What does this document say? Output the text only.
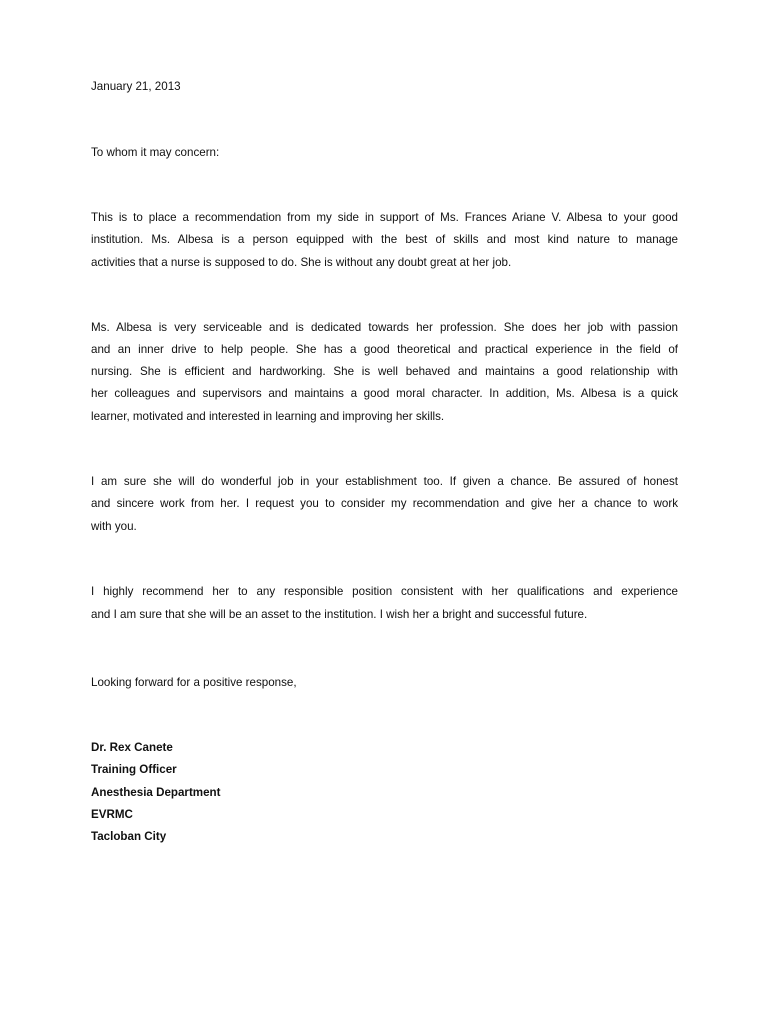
January 21, 2013
To whom it may concern:
This is to place a recommendation from my side in support of Ms. Frances Ariane V. Albesa to your good
institution. Ms. Albesa is a person equipped with the best of skills and most kind nature to manage
activities that a nurse is supposed to do. She is without any doubt great at her job.
Ms. Albesa is very serviceable and is dedicated towards her profession. She does her job with passion
and an inner drive to help people. She has a good theoretical and practical experience in the field of
nursing. She is efficient and hardworking. She is well behaved and maintains a good relationship with
her colleagues and supervisors and maintains a good moral character. In addition, Ms. Albesa is a quick
learner, motivated and interested in learning and improving her skills.
I am sure she will do wonderful job in your establishment too. If given a chance. Be assured of honest
and sincere work from her. I request you to consider my recommendation and give her a chance to work
with you.
I highly recommend her to any responsible position consistent with her qualifications and experience
and I am sure that she will be an asset to the institution. I wish her a bright and successful future.
Looking forward for a positive response,
Dr. Rex Canete
Training Officer
Anesthesia Department
EVRMC
Tacloban City
